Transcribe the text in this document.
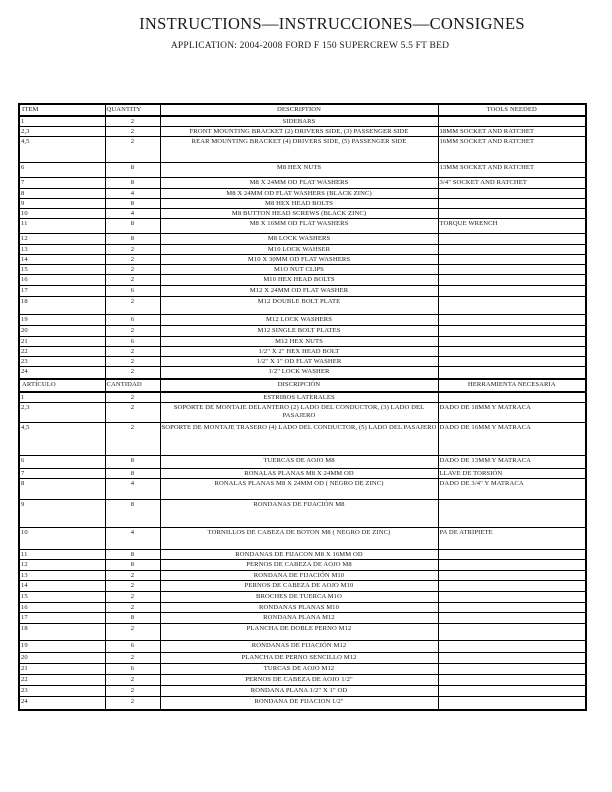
INSTRUCTIONS—INSTRUCCIONES—CONSIGNES
APPLICATION: 2004-2008 FORD F 150 SUPERCREW 5.5 FT BED
ITEM	QUANTITY	DESCRIPTION	TOOLS NEEDED
1	2	SIDEBARS	
2,3	2	FRONT MOUNTING BRACKET (2) DRIVERS SIDE, (3) PASSENGER SIDE	18MM SOCKET AND RATCHET
4,5	2	REAR MOUNTING BRACKET (4) DRIVERS SIDE, (5) PASSENGER SIDE	16MM SOCKET AND RATCHET
6	8	M8 HEX NUTS	13MM SOCKET AND RATCHET
7	8	M8 X 24MM OD FLAT WASHERS	3/4" SOCKET AND RATCHET
8	4	M8 X 24MM OD FLAT WASHERS (BLACK ZINC)	
9	8	M8 HEX HEAD BOLTS	
10	4	M8 BUTTON HEAD SCREWS (BLACK ZINC)	
11	8	M8 X 16MM OD FLAT WASHERS	TORQUE WRENCH
12	8	M8 LOCK WASHERS	
13	2	M10 LOCK WAHSER	
14	2	M10 X 30MM OD FLAT WASHERS	
15	2	M1O NUT CLIPS	
16	2	M10 HEX HEAD BOLTS	
17	6	M12 X 24MM OD FLAT WASHER	
18	2	M12 DOUBLE BOLT PLATE	
19	6	M12 LOCK WASHERS	
20	2	M12 SINGLE BOLT PLATES	
21	6	M12 HEX NUTS	
22	2	1/2" X 2" HEX HEAD BOLT	
23	2	1/2" X 1" OD FLAT WASHER	
24	2	1/2" LOCK WASHER	
ARTÍCULO	CANTIDAD	DISCRIPCIÓN	HERRAMIENTA NECESARIA
1	2	ESTRIBOS LATERALES	
2,3	2	SOPORTE DE MONTAJE DELANTERO (2) LADO DEL CONDUCTOR, (3) LADO DEL PASAJERO	DADO DE 18MM Y MATRACA
4,5	2	SOPORTE DE MONTAJE TRASERO (4) LADO DEL CONDUCTOR, (5) LADO DEL PASAJERO	DADO DE 16MM Y MATRACA
6	8	TUERCAS DE AOJO M8	DADO DE 13MM Y MATRACA
7	8	RONALAS PLANAS M8 X 24MM OD	LLAVE DE TORSIÓN
8	4	RONALAS PLANAS M8 X 24MM OD ( NEGRO DE ZINC)	DADO DE 3/4" Y MATRACA
9	8	RONDANAS DE FIJACIÓN M8	
10	4	TORNILLOS DE CABEZA DE BOTON M8 ( NEGRO DE ZINC)	PA DE ATRIPIETE
11	8	RONDANAS DE FIJACON M8 X 16MM OD	
12	8	PERNOS DE CABEZA DE AOJO M8	
13	2	RONDANA DE FIJACIÓN M10	
14	2	PERNOS DE CABEZA DE AOJO M10	
15	2	BROCHES DE TUERCA M1O	
16	2	RONDANAS PLANAS M10	
17	8	RONDANA PLANA M12	
18	2	PLANCHA DE DOBLE PERNO M12	
19	6	RONDANAS DE FIJACIÓN M12	
20	2	PLANCHA DE PERNO SENCILLO M12	
21	6	TURCAS DE AOJO M12	
22	2	PERNOS DE CABEZA DE AOJO 1/2"	
23	2	RONDANA PLANA 1/2" X 1" OD	
24	2	RONDANA DE FIJACION 1/2"	
